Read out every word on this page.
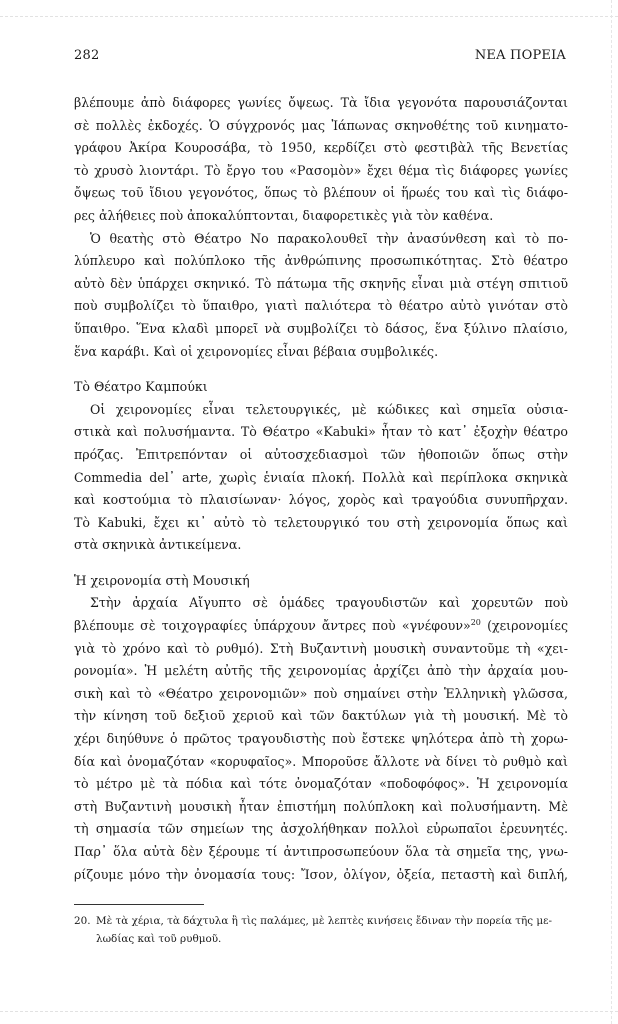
282	ΝΕΑ ΠΟΡΕΙΑ
βλέπουμε ἀπὸ διάφορες γωνίες ὄψεως. Τὰ ἴδια γεγονότα παρουσιάζονται
σὲ πολλὲς ἐκδοχές. Ὁ σύγχρονός μας Ἰάπωνας σκηνοθέτης τοῦ κινηματο-
γράφου Ἀκίρα Κουροσάβα, τὸ 1950, κερδίζει στὸ φεστιβὰλ τῆς Βενετίας
τὸ χρυσὸ λιοντάρι. Τὸ ἔργο του «Ρασομὸν» ἔχει θέμα τὶς διάφορες γωνίες
ὄψεως τοῦ ἴδιου γεγονότος, ὅπως τὸ βλέπουν οἱ ἥρωές του καὶ τὶς διάφο-
ρες ἀλήθειες ποὺ ἀποκαλύπτονται, διαφορετικὲς γιὰ τὸν καθένα.
Ὁ θεατὴς στὸ Θέατρο Νο παρακολουθεῖ τὴν ἀνασύνθεση καὶ τὸ πο-
λύπλευρο καὶ πολύπλοκο τῆς ἀνθρώπινης προσωπικότητας. Στὸ θέατρο
αὐτὸ δὲν ὑπάρχει σκηνικό. Τὸ πάτωμα τῆς σκηνῆς εἶναι μιὰ στέγη σπιτιοῦ
ποὺ συμβολίζει τὸ ὕπαιθρο, γιατὶ παλιότερα τὸ θέατρο αὐτὸ γινόταν στὸ
ὕπαιθρο. Ἕνα κλαδὶ μπορεῖ νὰ συμβολίζει τὸ δάσος, ἕνα ξύλινο πλαίσιο,
ἕνα καράβι. Καὶ οἱ χειρονομίες εἶναι βέβαια συμβολικές.
Τὸ Θέατρο Καμπούκι
Οἱ χειρονομίες εἶναι τελετουργικές, μὲ κώδικες καὶ σημεῖα οὐσια-
στικὰ καὶ πολυσήμαντα. Τὸ Θέατρο «Kabuki» ἦταν τὸ κατ᾽ ἐξοχὴν θέατρο
πρόζας. Ἐπιτρεπόνταν οἱ αὐτοσχεδιασμοὶ τῶν ἠθοποιῶν ὅπως στὴν
Commedia del᾽ arte, χωρὶς ἑνιαία πλοκή. Πολλὰ καὶ περίπλοκα σκηνικὰ
καὶ κοστούμια τὸ πλαισίωναν· λόγος, χορὸς καὶ τραγούδια συνυπῆρχαν.
Τὸ Kabuki, ἔχει κι᾽ αὐτὸ τὸ τελετουργικό του στὴ χειρονομία ὅπως καὶ
στὰ σκηνικὰ ἀντικείμενα.
Ἡ χειρονομία στὴ Μουσική
Στὴν ἀρχαία Αἴγυπτο σὲ ὁμάδες τραγουδιστῶν καὶ χορευτῶν ποὺ
βλέπουμε σὲ τοιχογραφίες ὑπάρχουν ἄντρες ποὺ «γνέφουν»$^{20}$ (χειρονομίες
γιὰ τὸ χρόνο καὶ τὸ ρυθμό). Στὴ Βυζαντινὴ μουσικὴ συναντοῦμε τὴ «χει-
ρονομία». Ἡ μελέτη αὐτῆς τῆς χειρονομίας ἀρχίζει ἀπὸ τὴν ἀρχαία μου-
σικὴ καὶ τὸ «Θέατρο χειρονομιῶν» ποὺ σημαίνει στὴν Ἑλληνικὴ γλῶσσα,
τὴν κίνηση τοῦ δεξιοῦ χεριοῦ καὶ τῶν δακτύλων γιὰ τὴ μουσική. Μὲ τὸ
χέρι διηύθυνε ὁ πρῶτος τραγουδιστὴς ποὺ ἔστεκε ψηλότερα ἀπὸ τὴ χορω-
δία καὶ ὀνομαζόταν «κορυφαῖος». Μποροῦσε ἄλλοτε νὰ δίνει τὸ ρυθμὸ καὶ
τὸ μέτρο μὲ τὰ πόδια καὶ τότε ὀνομαζόταν «ποδοφόφος». Ἡ χειρονομία
στὴ Βυζαντινὴ μουσικὴ ἦταν ἐπιστήμη πολύπλοκη καὶ πολυσήμαντη. Μὲ
τὴ σημασία τῶν σημείων της ἀσχολήθηκαν πολλοὶ εὐρωπαῖοι ἐρευνητές.
Παρ᾽ ὅλα αὐτὰ δὲν ξέρουμε τί ἀντιπροσωπεύουν ὅλα τὰ σημεῖα της, γνω-
ρίζουμε μόνο τὴν ὀνομασία τους: Ἴσον, ὀλίγον, ὀξεία, πεταστὴ καὶ διπλή,
20. Μὲ τὰ χέρια, τὰ δάχτυλα ἢ τὶς παλάμες, μὲ λεπτὲς κινήσεις ἔδιναν τὴν πορεία τῆς με-
λωδίας καὶ τοῦ ρυθμοῦ.
